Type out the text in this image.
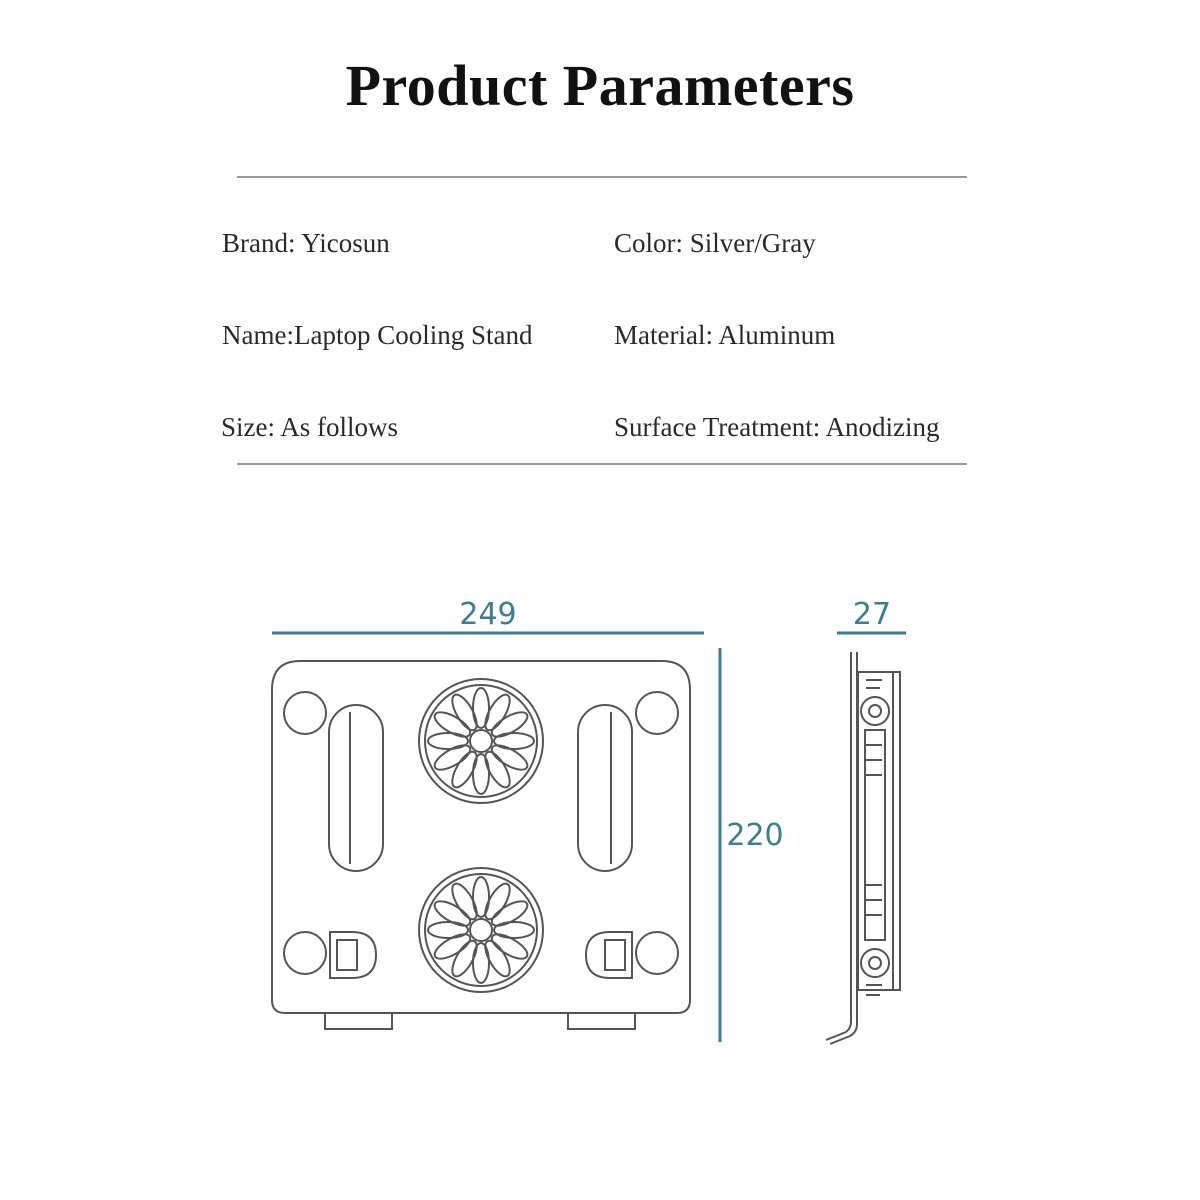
Product Parameters
Brand: Yicosun	Color: Silver/Gray
Name:Laptop Cooling Stand	Material: Aluminum
Size: As follows	Surface Treatment: Anodizing
249	27
220
